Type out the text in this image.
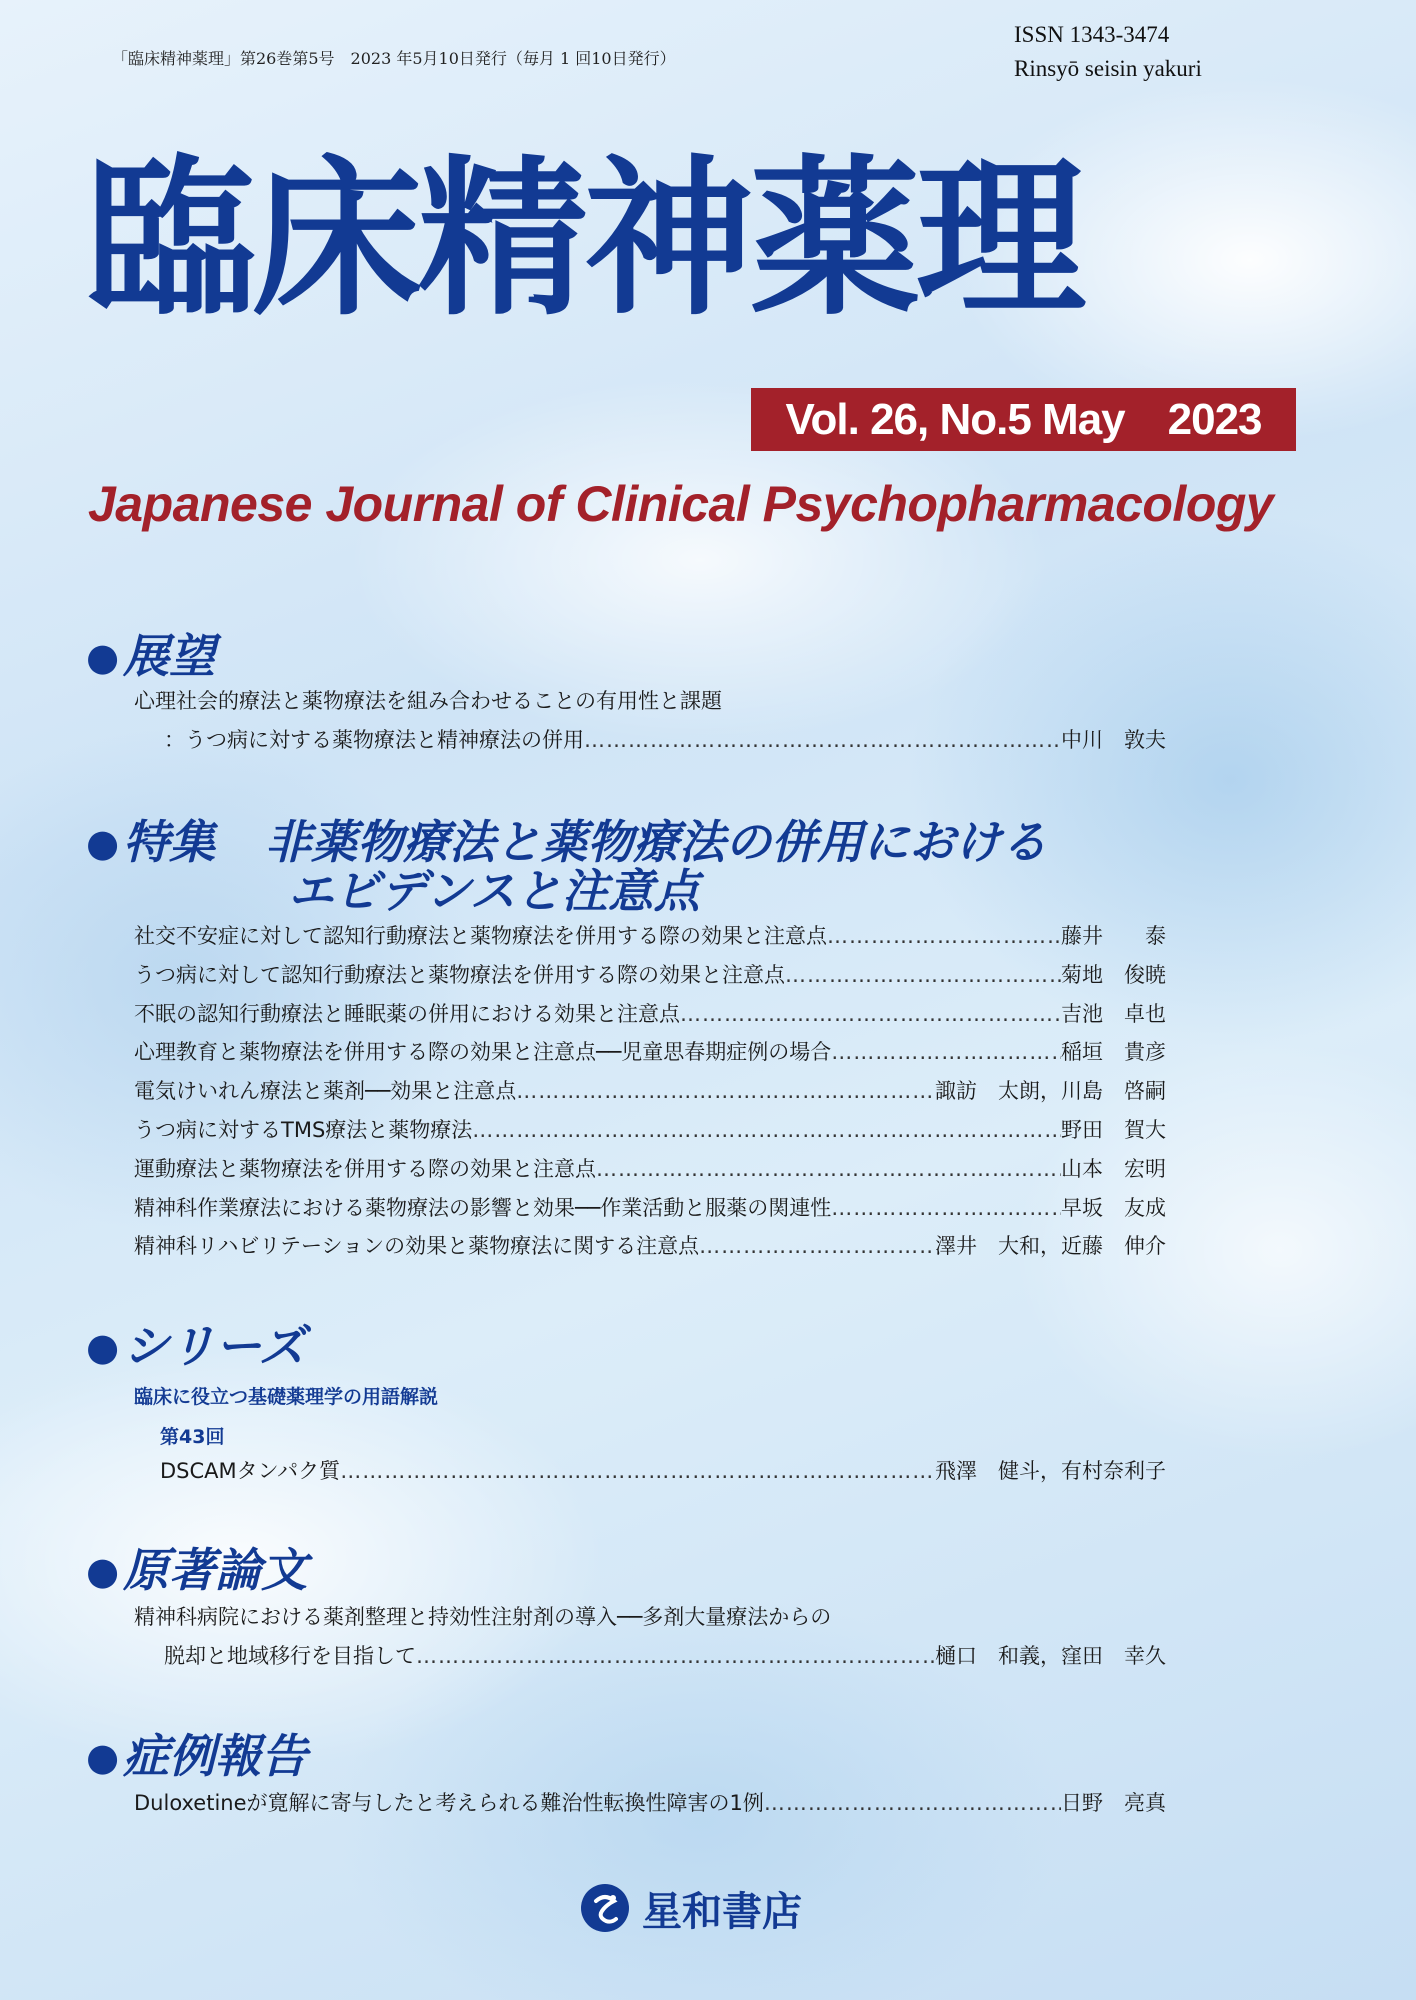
「臨床精神薬理」第26巻第5号　2023 年5月10日発行（毎月 1 回10日発行）
ISSN 1343-3474
Rinsyō seisin yakuri
臨床精神薬理
Vol. 26, No.5 May　2023
Japanese Journal of Clinical Psychopharmacology
●展望
心理社会的療法と薬物療法を組み合わせることの有用性と課題
：うつ病に対する薬物療法と精神療法の併用 …………………………………………………………………………………………………………………………………………………………………………	中川　敦夫
●特集 非薬物療法と薬物療法の併用における
エビデンスと注意点
社交不安症に対して認知行動療法と薬物療法を併用する際の効果と注意点 …………………………………………………………………………………………………………………………………………………………………………	藤井　　泰
うつ病に対して認知行動療法と薬物療法を併用する際の効果と注意点 …………………………………………………………………………………………………………………………………………………………………………	菊地　俊暁
不眠の認知行動療法と睡眠薬の併用における効果と注意点 …………………………………………………………………………………………………………………………………………………………………………	吉池　卓也
心理教育と薬物療法を併用する際の効果と注意点──児童思春期症例の場合 …………………………………………………………………………………………………………………………………………………………………………	稲垣　貴彦
電気けいれん療法と薬剤──効果と注意点 …………………………………………………………………………………………………………………………………………………………………………	諏訪　太朗，川島　啓嗣
うつ病に対するTMS療法と薬物療法 …………………………………………………………………………………………………………………………………………………………………………	野田　賀大
運動療法と薬物療法を併用する際の効果と注意点 …………………………………………………………………………………………………………………………………………………………………………	山本　宏明
精神科作業療法における薬物療法の影響と効果──作業活動と服薬の関連性 …………………………………………………………………………………………………………………………………………………………………………	早坂　友成
精神科リハビリテーションの効果と薬物療法に関する注意点 …………………………………………………………………………………………………………………………………………………………………………	澤井　大和，近藤　伸介
●シリーズ
臨床に役立つ基礎薬理学の用語解説
第43回
DSCAMタンパク質 …………………………………………………………………………………………………………………………………………………………………………	飛澤　健斗，有村奈利子
●原著論文
精神科病院における薬剤整理と持効性注射剤の導入──多剤大量療法からの
脱却と地域移行を目指して …………………………………………………………………………………………………………………………………………………………………………	樋口　和義，窪田　幸久
●症例報告
Duloxetineが寛解に寄与したと考えられる難治性転換性障害の1例 …………………………………………………………………………………………………………………………………………………………………………	日野　亮真
星和書店
